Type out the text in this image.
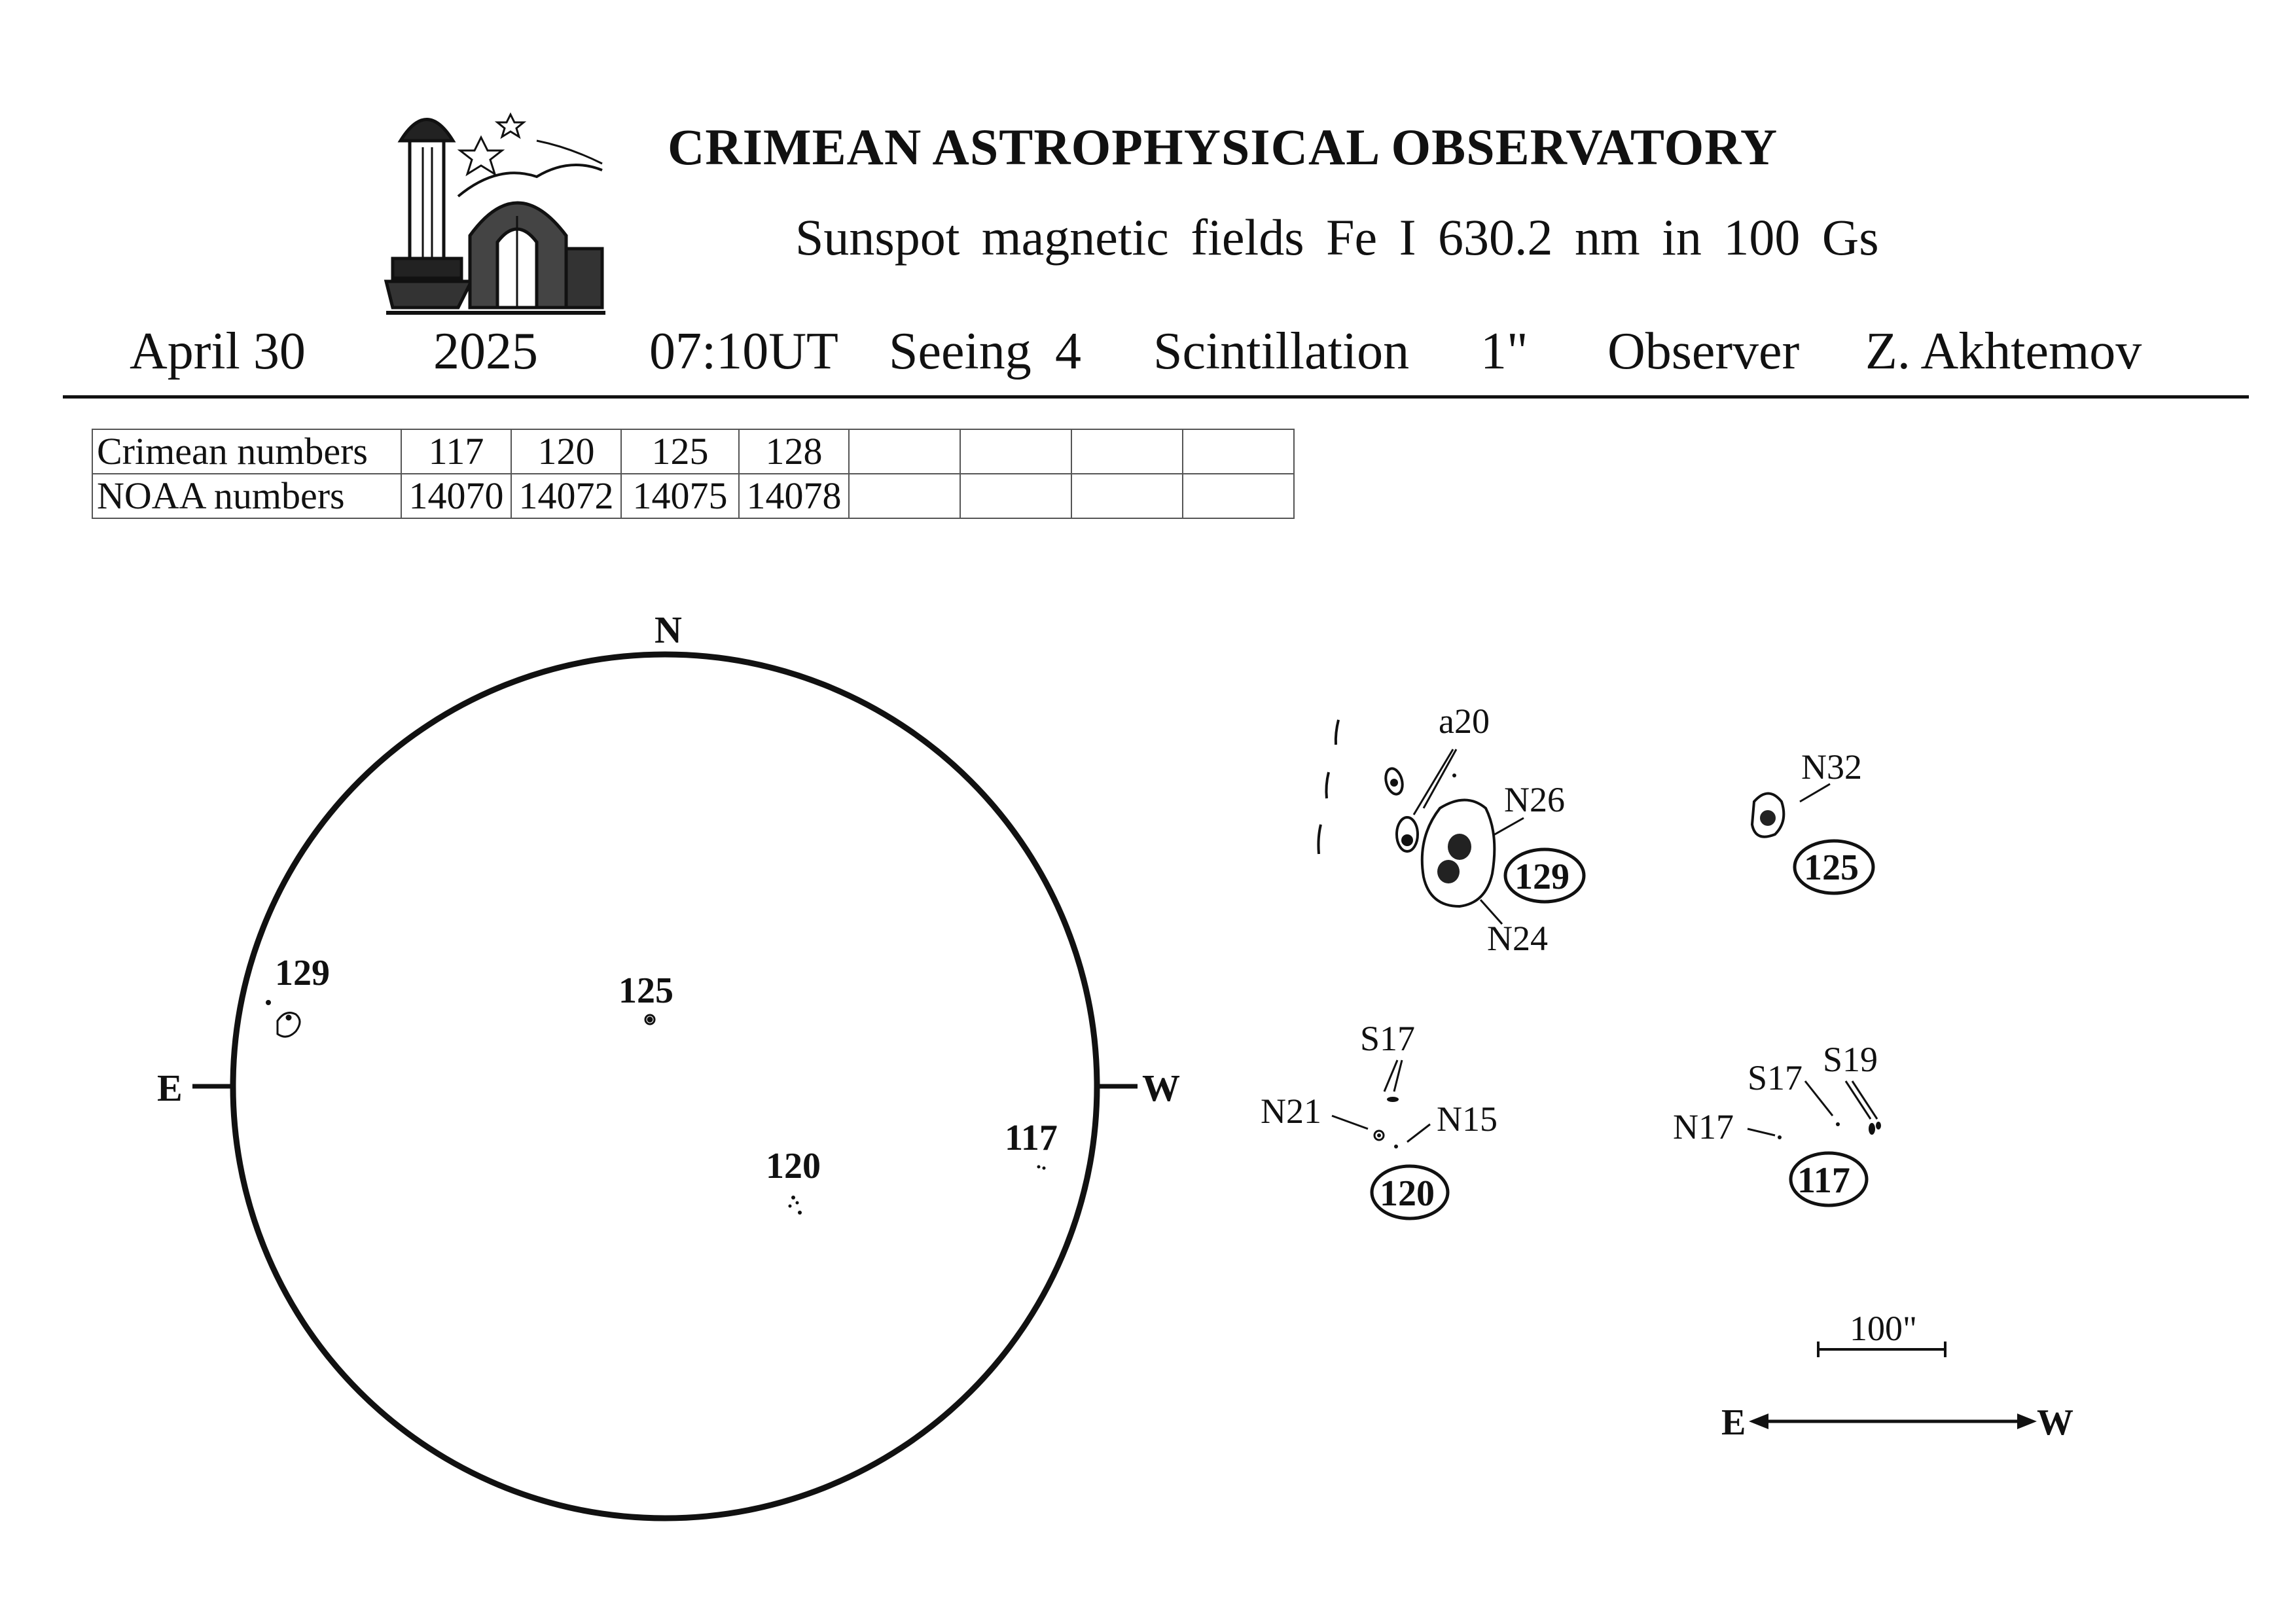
CRIMEAN ASTROPHYSICAL OBSERVATORY
Sunspot magnetic fields Fe I 630.2 nm in 100 Gs
April 30 2025 07:10UT Seeing 4 Scintillation 1" Observer Z. Akhtemov
Crimean numbers	117	120	125	128				
NOAA numbers	14070	14072	14075	14078				
N
E	W
129	125
120
117
129
a20
N26
N24
125
N32
120
S17
N21	N15
117
S17 S19
N17
100"
E	W
